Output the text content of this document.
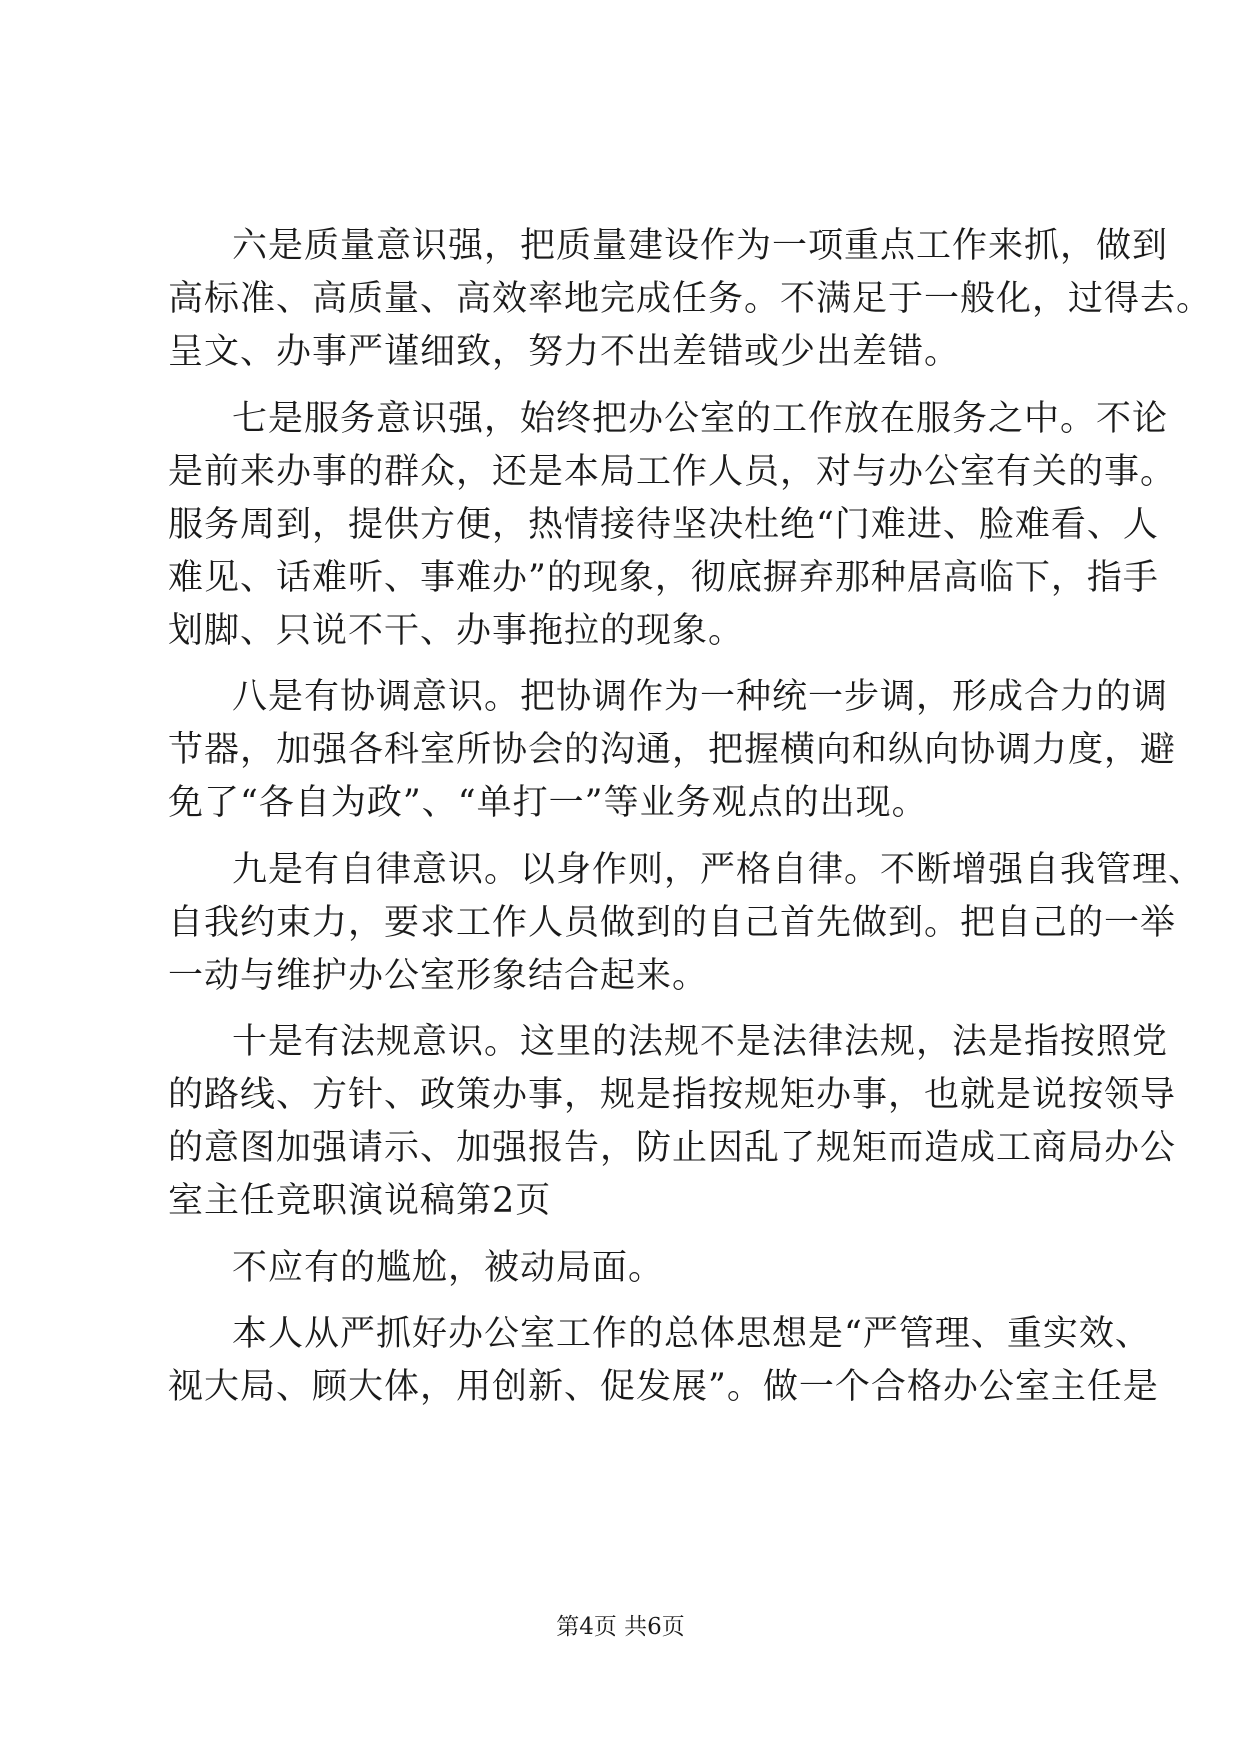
六是质量意识强，把质量建设作为一项重点工作来抓，做到
高标准、高质量、高效率地完成任务。不满足于一般化，过得去。
呈文、办事严谨细致，努力不出差错或少出差错。
七是服务意识强，始终把办公室的工作放在服务之中。不论
是前来办事的群众，还是本局工作人员，对与办公室有关的事。
服务周到，提供方便，热情接待坚决杜绝“门难进、脸难看、人
难见、话难听、事难办”的现象，彻底摒弃那种居高临下，指手
划脚、只说不干、办事拖拉的现象。
八是有协调意识。把协调作为一种统一步调，形成合力的调
节器，加强各科室所协会的沟通，把握横向和纵向协调力度，避
免了“各自为政”、“单打一”等业务观点的出现。
九是有自律意识。以身作则，严格自律。不断增强自我管理、
自我约束力，要求工作人员做到的自己首先做到。把自己的一举
一动与维护办公室形象结合起来。
十是有法规意识。这里的法规不是法律法规，法是指按照党
的路线、方针、政策办事，规是指按规矩办事，也就是说按领导
的意图加强请示、加强报告，防止因乱了规矩而造成工商局办公
室主任竞职演说稿第2页
不应有的尴尬，被动局面。
本人从严抓好办公室工作的总体思想是“严管理、重实效、
视大局、顾大体，用创新、促发展”。做一个合格办公室主任是
第4页 共6页
